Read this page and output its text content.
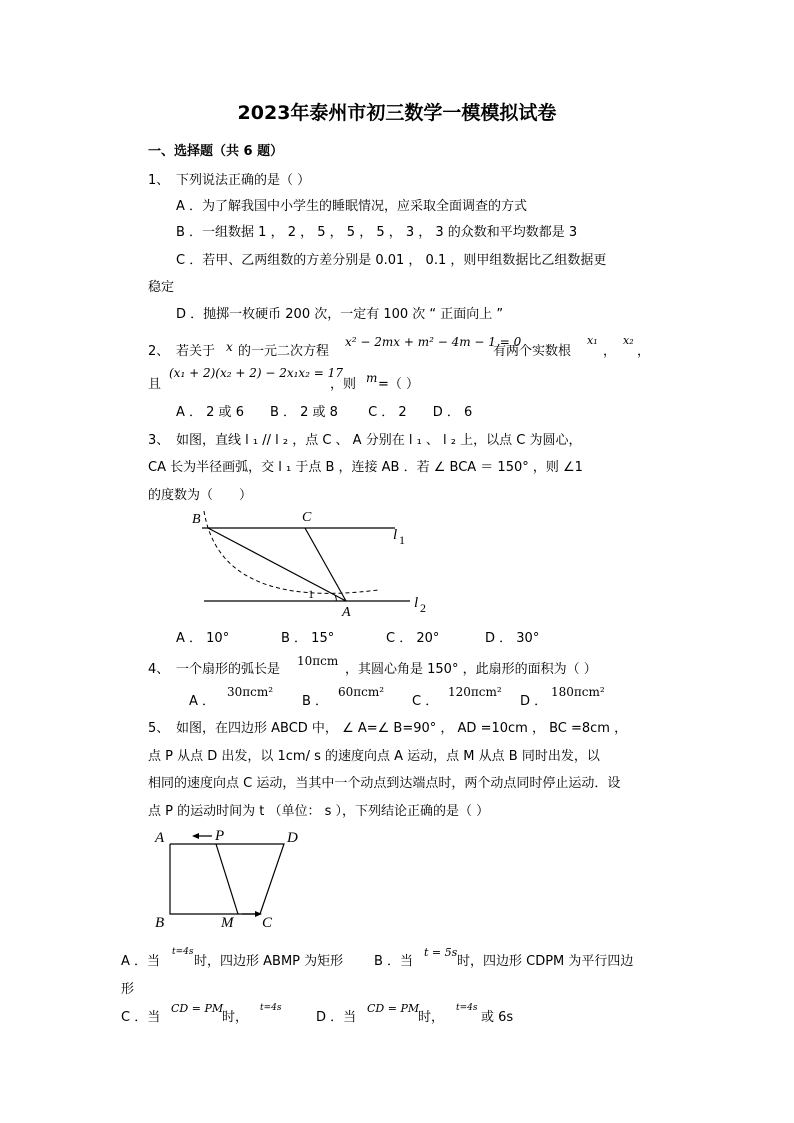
2023年泰州市初三数学一模模拟试卷
一、选择题（共 6 题）
1、 下列说法正确的是（ ）
A ．为了解我国中小学生的睡眠情况，应采取全面调查的方式
B ．一组数据 1 ， 2 ， 5 ， 5 ， 5 ， 3 ， 3 的众数和平均数都是 3
C ．若甲、乙两组数的方差分别是 0.01 ， 0.1 ，则甲组数据比乙组数据更
稳定
D ．抛掷一枚硬币 200 次，一定有 100 次 “ 正面向上 ”
2、 若关于 x 的一元二次方程
x² − 2mx + m² − 4m − 1 = 0
有两个实数根
x₁
，
x₂
，
且
(x₁ + 2)(x₂ + 2) − 2x₁x₂ = 17
，则 m =（ ）
A ． 2 或 6　　B ． 2 或 8　　 C ． 2　　D ． 6
3、 如图，直线 l ₁ // l ₂ ，点 C 、 A 分别在 l ₁ 、 l ₂ 上，以点 C 为圆心，
CA 长为半径画弧，交 l ₁ 于点 B ，连接 AB ．若 ∠ BCA ＝ 150° ，则 ∠1
的度数为（　　）
B	C
A
1
l 1
l 2
A ． 10°	B ． 15°	C ． 20°	D ． 30°
4、 一个扇形的弧长是
10πcm
，其圆心角是 150° ，此扇形的面积为（ ）
A ．
30πcm²
B ．
60πcm²
C ．
120πcm²
D ．
180πcm²
5、 如图，在四边形 ABCD 中， ∠ A=∠ B=90° ， AD =10cm ， BC =8cm ，
点 P 从点 D 出发，以 1cm/ s 的速度向点 A 运动，点 M 从点 B 同时出发，以
相同的速度向点 C 运动，当其中一个动点到达端点时，两个动点同时停止运动．设
点 P 的运动时间为 t （单位： s ），下列结论正确的是（ ）
A	P	D
B	M C
A ．当
t=4s
时，四边形 ABMP 为矩形 B ．当
t = 5s
时，四边形 CDPM 为平行四边
形
C ．当
CD = PM
时，
t=4s
D ．当
CD = PM
时，
t=4s
或 6s
